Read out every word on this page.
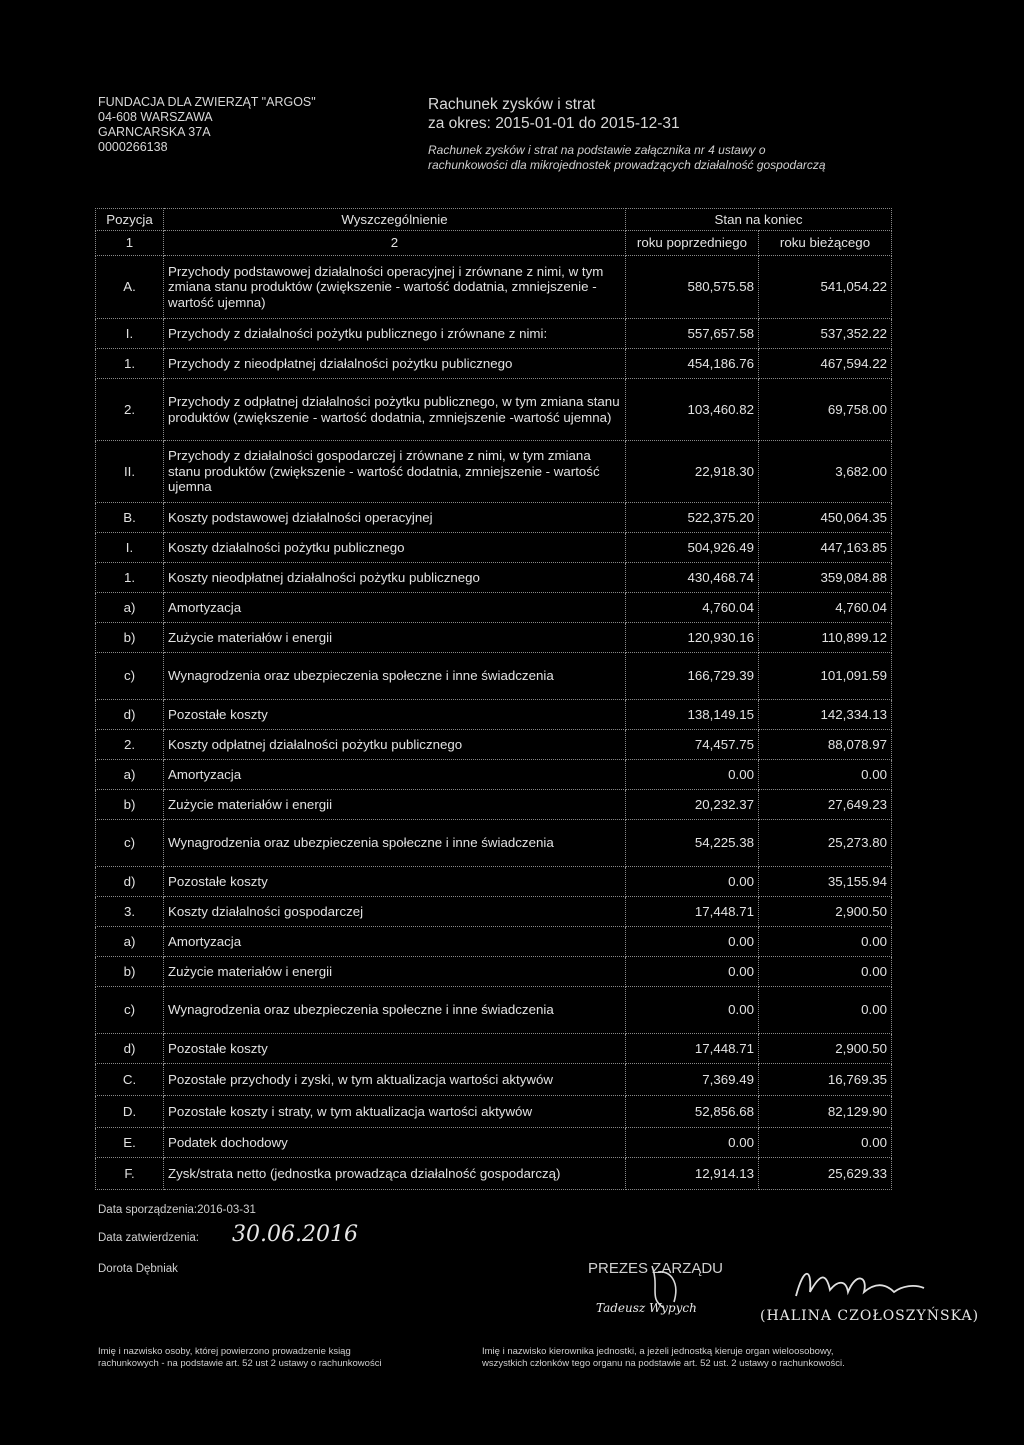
FUNDACJA DLA ZWIERZĄT "ARGOS"
04-608 WARSZAWA
GARNCARSKA 37A
0000266138
Rachunek zysków i strat
za okres: 2015-01-01 do 2015-12-31
Rachunek zysków i strat na podstawie załącznika nr 4 ustawy o rachunkowości dla mikrojednostek prowadzących działalność gospodarczą
Pozycja	Wyszczególnienie	Stan na koniec	
1	2	roku poprzedniego	roku bieżącego
A.	Przychody podstawowej działalności operacyjnej i zrównane z nimi, w tym zmiana stanu produktów (zwiększenie - wartość dodatnia, zmniejszenie - wartość ujemna)	580,575.58	541,054.22
I.	Przychody z działalności pożytku publicznego i zrównane z nimi:	557,657.58	537,352.22
1.	Przychody z nieodpłatnej działalności pożytku publicznego	454,186.76	467,594.22
2.	Przychody z odpłatnej działalności pożytku publicznego, w tym zmiana stanu produktów (zwiększenie - wartość dodatnia, zmniejszenie -wartość ujemna)	103,460.82	69,758.00
II.	Przychody z działalności gospodarczej i zrównane z nimi, w tym zmiana stanu produktów (zwiększenie - wartość dodatnia, zmniejszenie - wartość ujemna	22,918.30	3,682.00
B.	Koszty podstawowej działalności operacyjnej	522,375.20	450,064.35
I.	Koszty działalności pożytku publicznego	504,926.49	447,163.85
1.	Koszty nieodpłatnej działalności pożytku publicznego	430,468.74	359,084.88
a)	Amortyzacja	4,760.04	4,760.04
b)	Zużycie materiałów i energii	120,930.16	110,899.12
c)	Wynagrodzenia oraz ubezpieczenia społeczne i inne świadczenia	166,729.39	101,091.59
d)	Pozostałe koszty	138,149.15	142,334.13
2.	Koszty odpłatnej działalności pożytku publicznego	74,457.75	88,078.97
a)	Amortyzacja	0.00	0.00
b)	Zużycie materiałów i energii	20,232.37	27,649.23
c)	Wynagrodzenia oraz ubezpieczenia społeczne i inne świadczenia	54,225.38	25,273.80
d)	Pozostałe koszty	0.00	35,155.94
3.	Koszty działalności gospodarczej	17,448.71	2,900.50
a)	Amortyzacja	0.00	0.00
b)	Zużycie materiałów i energii	0.00	0.00
c)	Wynagrodzenia oraz ubezpieczenia społeczne i inne świadczenia	0.00	0.00
d)	Pozostałe koszty	17,448.71	2,900.50
C.	Pozostałe przychody i zyski, w tym aktualizacja wartości aktywów	7,369.49	16,769.35
D.	Pozostałe koszty i straty, w tym aktualizacja wartości aktywów	52,856.68	82,129.90
E.	Podatek dochodowy	0.00	0.00
F.	Zysk/strata netto (jednostka prowadząca działalność gospodarczą)	12,914.13	25,629.33
Data sporządzenia:2016-03-31
Data zatwierdzenia: 30.06.2016
Dorota Dębniak	PREZES ZARZĄDU
Tadeusz Wypych	(HALINA CZOŁOSZYŃSKA)
Imię i nazwisko osoby, której powierzono prowadzenie ksiąg rachunkowych - na podstawie art. 52 ust 2 ustawy o rachunkowości
Imię i nazwisko kierownika jednostki, a jeżeli jednostką kieruje organ wieloosobowy, wszystkich członków tego organu na podstawie art. 52 ust. 2 ustawy o rachunkowości.
